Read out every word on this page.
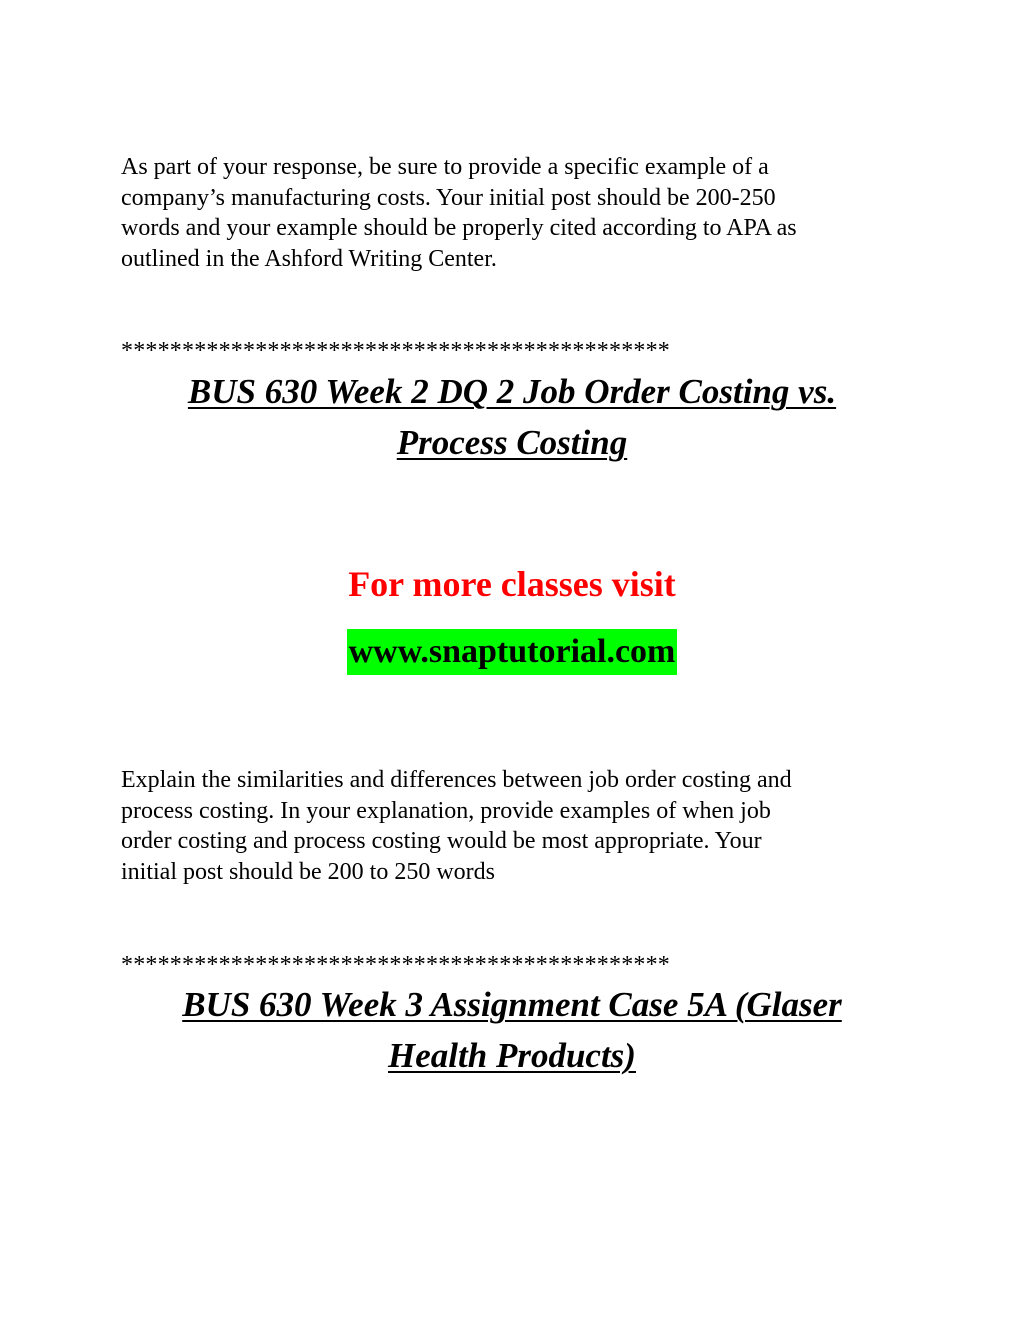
As part of your response, be sure to provide a specific example of a
company’s manufacturing costs. Your initial post should be 200-250
words and your example should be properly cited according to APA as
outlined in the Ashford Writing Center.

*********************************************

BUS 630 Week 2 DQ 2 Job Order Costing vs.
Process Costing

For more classes visit

www.snaptutorial.com

Explain the similarities and differences between job order costing and
process costing. In your explanation, provide examples of when job
order costing and process costing would be most appropriate. Your
initial post should be 200 to 250 words

*********************************************

BUS 630 Week 3 Assignment Case 5A (Glaser
Health Products)
